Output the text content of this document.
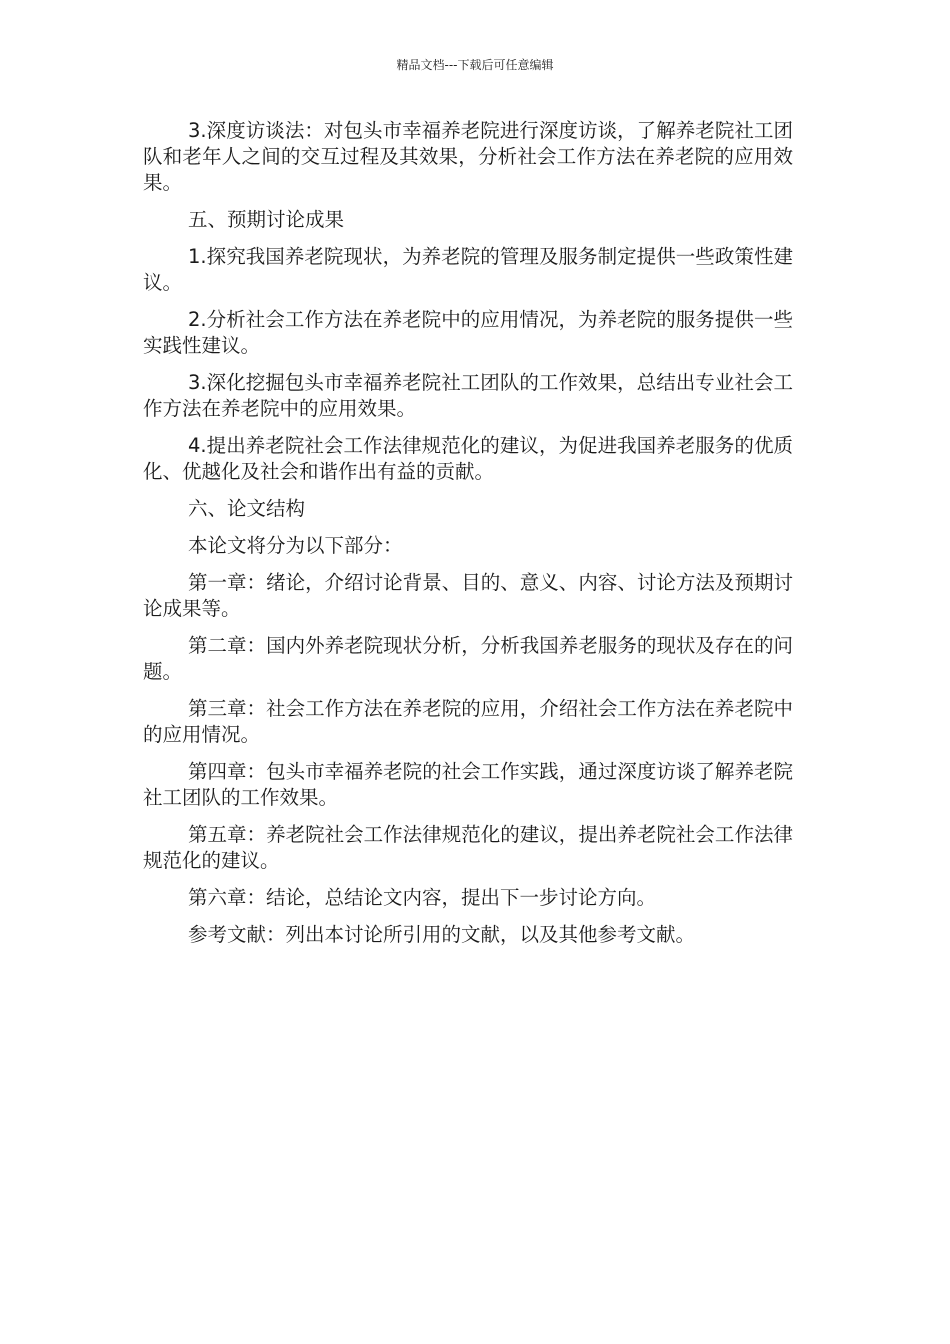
精品文档---下载后可任意编辑

3.深度访谈法：对包头市幸福养老院进行深度访谈，了解养老院社工团队和老年人之间的交互过程及其效果，分析社会工作方法在养老院的应用效果。

五、预期讨论成果

1.探究我国养老院现状，为养老院的管理及服务制定提供一些政策性建议。

2.分析社会工作方法在养老院中的应用情况，为养老院的服务提供一些实践性建议。

3.深化挖掘包头市幸福养老院社工团队的工作效果，总结出专业社会工作方法在养老院中的应用效果。

4.提出养老院社会工作法律规范化的建议，为促进我国养老服务的优质化、优越化及社会和谐作出有益的贡献。

六、论文结构

本论文将分为以下部分：

第一章：绪论，介绍讨论背景、目的、意义、内容、讨论方法及预期讨论成果等。

第二章：国内外养老院现状分析，分析我国养老服务的现状及存在的问题。

第三章：社会工作方法在养老院的应用，介绍社会工作方法在养老院中的应用情况。

第四章：包头市幸福养老院的社会工作实践，通过深度访谈了解养老院社工团队的工作效果。

第五章：养老院社会工作法律规范化的建议，提出养老院社会工作法律规范化的建议。

第六章：结论，总结论文内容，提出下一步讨论方向。

参考文献：列出本讨论所引用的文献，以及其他参考文献。
